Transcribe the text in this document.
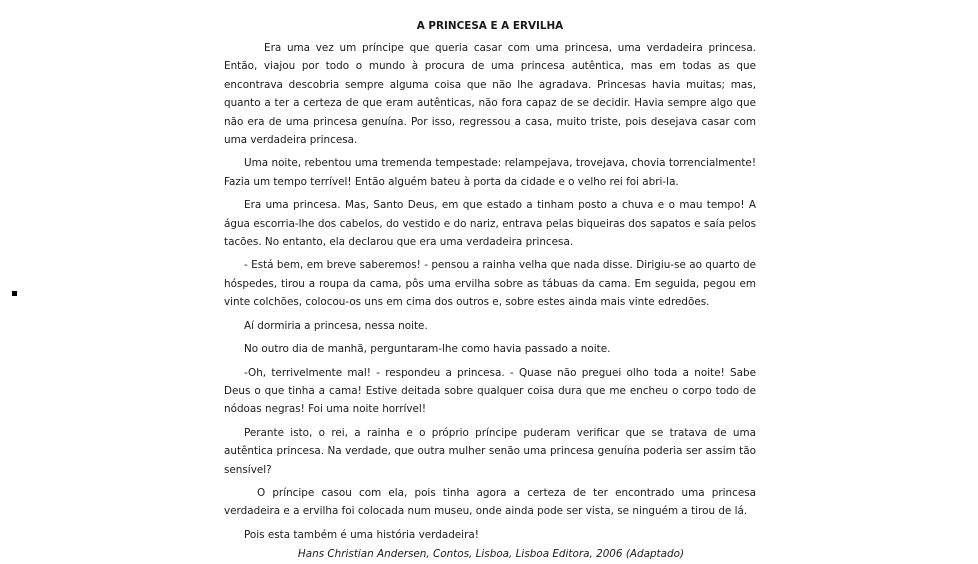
A PRINCESA E A ERVILHA

Era uma vez um príncipe que queria casar com uma princesa, uma verdadeira princesa. Então, viajou por todo o mundo à procura de uma princesa autêntica, mas em todas as que encontrava descobria sempre alguma coisa que não lhe agradava. Princesas havia muitas; mas, quanto a ter a certeza de que eram autênticas, não fora capaz de se decidir. Havia sempre algo que não era de uma princesa genuína. Por isso, regressou a casa, muito triste, pois desejava casar com uma verdadeira princesa.

Uma noite, rebentou uma tremenda tempestade: relampejava, trovejava, chovia torrencialmente! Fazia um tempo terrível! Então alguém bateu à porta da cidade e o velho rei foi abri-la.

Era uma princesa. Mas, Santo Deus, em que estado a tinham posto a chuva e o mau tempo! A água escorria-lhe dos cabelos, do vestido e do nariz, entrava pelas biqueiras dos sapatos e saía pelos tacões. No entanto, ela declarou que era uma verdadeira princesa.

- Está bem, em breve saberemos! - pensou a rainha velha que nada disse. Dirigiu-se ao quarto de hóspedes, tirou a roupa da cama, pôs uma ervilha sobre as tábuas da cama. Em seguida, pegou em vinte colchões, colocou-os uns em cima dos outros e, sobre estes ainda mais vinte edredões.

Aí dormiria a princesa, nessa noite.

No outro dia de manhã, perguntaram-lhe como havia passado a noite.

-Oh, terrivelmente mal! - respondeu a princesa. - Quase não preguei olho toda a noite! Sabe Deus o que tinha a cama! Estive deitada sobre qualquer coisa dura que me encheu o corpo todo de nódoas negras! Foi uma noite horrível!

Perante isto, o rei, a rainha e o próprio príncipe puderam verificar que se tratava de uma autêntica princesa. Na verdade, que outra mulher senão uma princesa genuína poderia ser assim tão sensível?

O príncipe casou com ela, pois tinha agora a certeza de ter encontrado uma princesa verdadeira e a ervilha foi colocada num museu, onde ainda pode ser vista, se ninguém a tirou de lá.

Pois esta também é uma história verdadeira!

Hans Christian Andersen, Contos, Lisboa, Lisboa Editora, 2006 (Adaptado)
